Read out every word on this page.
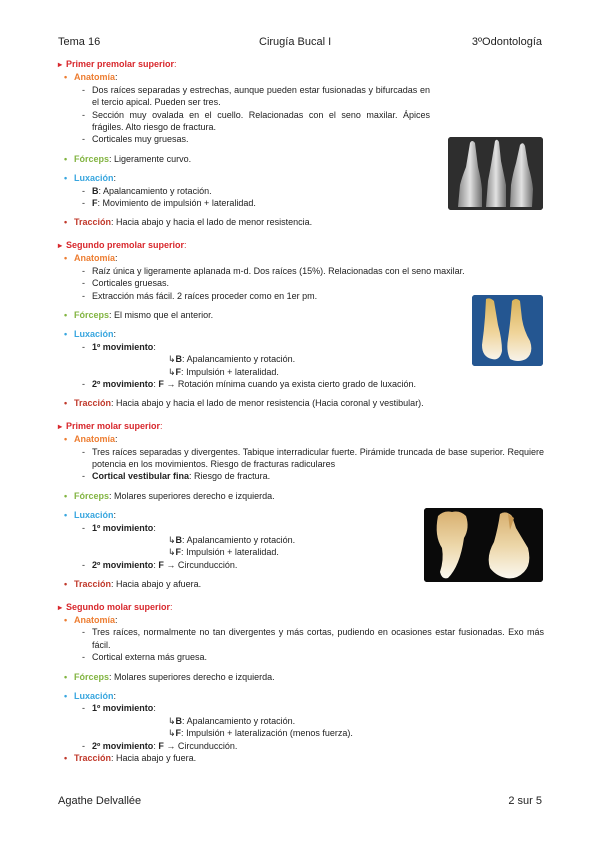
Tema 16	Cirugía Bucal I	3ºOdontología
▸ Primer premolar superior:
• Anatomía:
- Dos raíces separadas y estrechas, aunque pueden estar fusionadas y bifurcadas en el tercio apical. Pueden ser tres.
- Sección muy ovalada en el cuello. Relacionadas con el seno maxilar. Ápices frágiles. Alto riesgo de fractura.
- Corticales muy gruesas.
• Fórceps: Ligeramente curvo.
• Luxación:
- B: Apalancamiento y rotación.
- F: Movimiento de impulsión + lateralidad.
• Tracción: Hacia abajo y hacia el lado de menor resistencia.
▸ Segundo premolar superior:
• Anatomía:
- Raíz única y ligeramente aplanada m-d. Dos raíces (15%). Relacionadas con el seno maxilar.
- Corticales gruesas.
- Extracción más fácil. 2 raíces proceder como en 1er pm.
• Fórceps: El mismo que el anterior.
• Luxación:
- 1º movimiento:
↳B: Apalancamiento y rotación.
↳F: Impulsión + lateralidad.
- 2º movimiento: F → Rotación mínima cuando ya exista cierto grado de luxación.
• Tracción: Hacia abajo y hacia el lado de menor resistencia (Hacia coronal y vestibular).
▸ Primer molar superior:
• Anatomía:
- Tres raíces separadas y divergentes. Tabique interradicular fuerte. Pirámide truncada de base superior. Requiere potencia en los movimientos. Riesgo de fracturas radiculares
- Cortical vestibular fina: Riesgo de fractura.
• Fórceps: Molares superiores derecho e izquierda.
• Luxación:
- 1º movimiento:
↳B: Apalancamiento y rotación.
↳F: Impulsión + lateralidad.
- 2º movimiento: F → Circunducción.
• Tracción: Hacia abajo y afuera.
▸ Segundo molar superior:
• Anatomía:
- Tres raíces, normalmente no tan divergentes y más cortas, pudiendo en ocasiones estar fusionadas. Exo más fácil.
- Cortical externa más gruesa.
• Fórceps: Molares superiores derecho e izquierda.
• Luxación:
- 1º movimiento:
↳B: Apalancamiento y rotación.
↳F: Impulsión + lateralización (menos fuerza).
- 2º movimiento: F → Circunducción.
• Tracción: Hacia abajo y fuera.
Agathe Delvallée	2 sur 5
